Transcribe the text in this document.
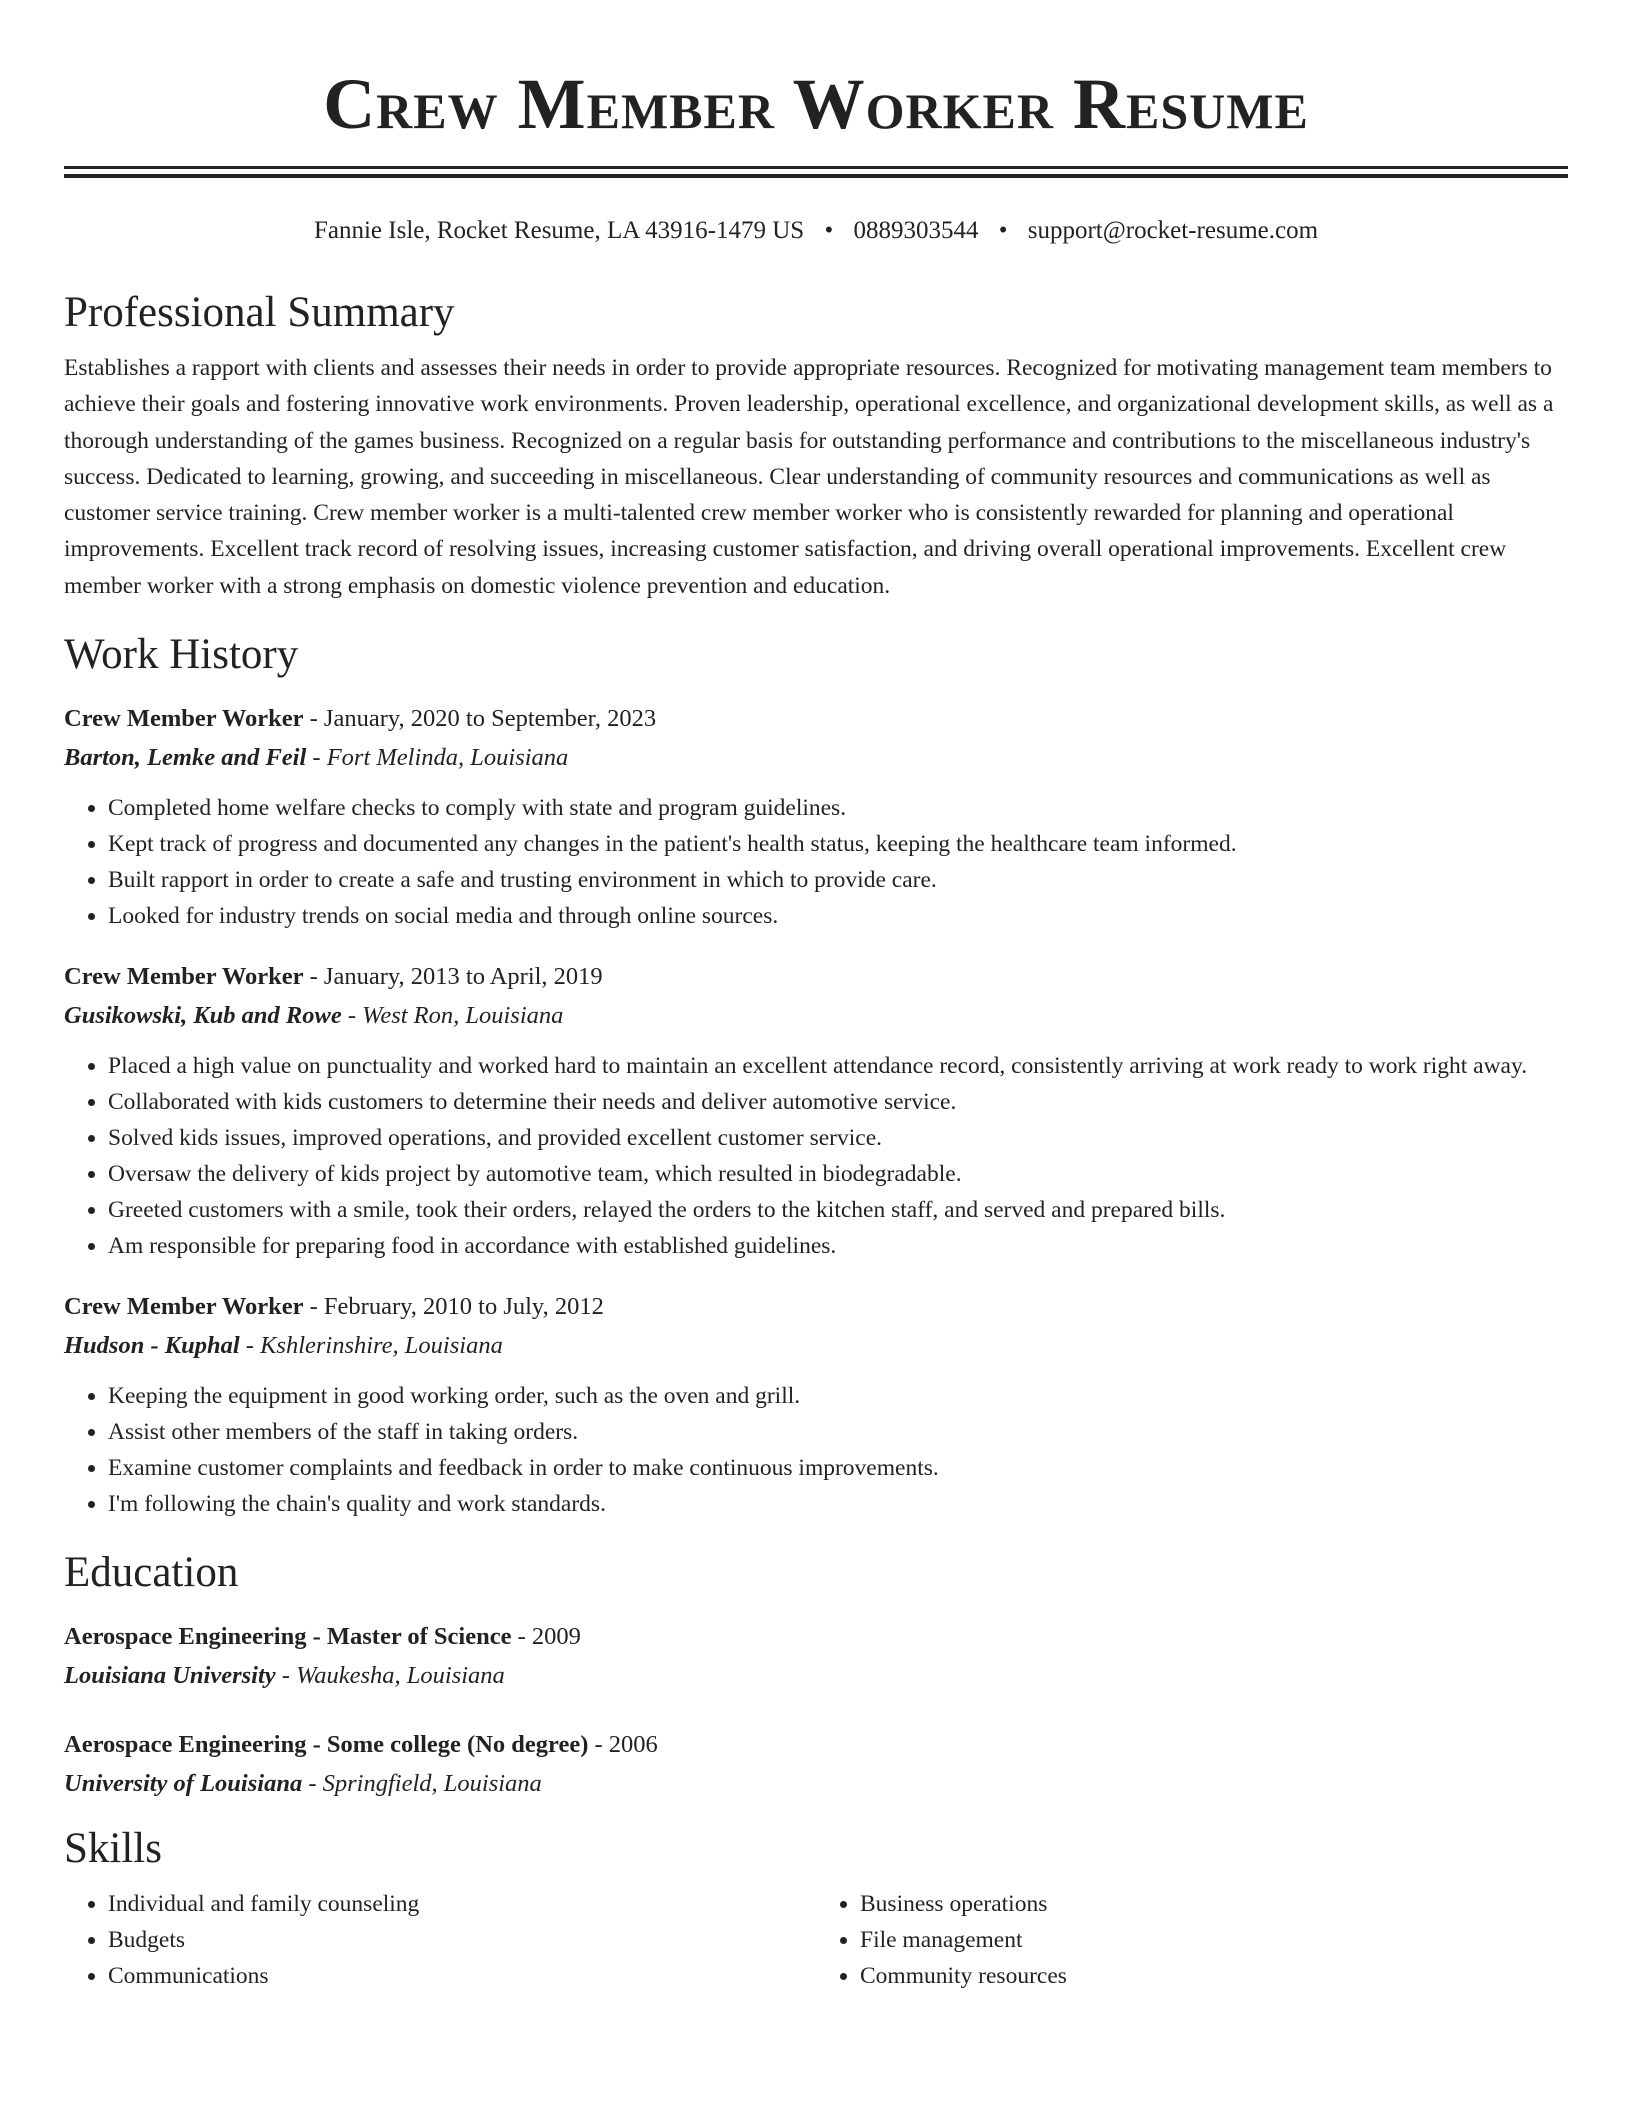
Crew Member Worker Resume
Fannie Isle, Rocket Resume, LA 43916-1479 US • 0889303544 • support@rocket-resume.com
Professional Summary

Establishes a rapport with clients and assesses their needs in order to provide appropriate resources. Recognized for motivating management team members to achieve their goals and fostering innovative work environments. Proven leadership, operational excellence, and organizational development skills, as well as a thorough understanding of the games business. Recognized on a regular basis for outstanding performance and contributions to the miscellaneous industry's success. Dedicated to learning, growing, and succeeding in miscellaneous. Clear understanding of community resources and communications as well as customer service training. Crew member worker is a multi-talented crew member worker who is consistently rewarded for planning and operational improvements. Excellent track record of resolving issues, increasing customer satisfaction, and driving overall operational improvements. Excellent crew member worker with a strong emphasis on domestic violence prevention and education.

Work History
Crew Member Worker - January, 2020 to September, 2023
Barton, Lemke and Feil - Fort Melinda, Louisiana
• Completed home welfare checks to comply with state and program guidelines.
• Kept track of progress and documented any changes in the patient's health status, keeping the healthcare team informed.
• Built rapport in order to create a safe and trusting environment in which to provide care.
• Looked for industry trends on social media and through online sources.
Crew Member Worker - January, 2013 to April, 2019
Gusikowski, Kub and Rowe - West Ron, Louisiana
• Placed a high value on punctuality and worked hard to maintain an excellent attendance record, consistently arriving at work ready to work right away.
• Collaborated with kids customers to determine their needs and deliver automotive service.
• Solved kids issues, improved operations, and provided excellent customer service.
• Oversaw the delivery of kids project by automotive team, which resulted in biodegradable.
• Greeted customers with a smile, took their orders, relayed the orders to the kitchen staff, and served and prepared bills.
• Am responsible for preparing food in accordance with established guidelines.
Crew Member Worker - February, 2010 to July, 2012
Hudson - Kuphal - Kshlerinshire, Louisiana
• Keeping the equipment in good working order, such as the oven and grill.
• Assist other members of the staff in taking orders.
• Examine customer complaints and feedback in order to make continuous improvements.
• I'm following the chain's quality and work standards.
Education
Aerospace Engineering - Master of Science - 2009
Louisiana University - Waukesha, Louisiana
Aerospace Engineering - Some college (No degree) - 2006
University of Louisiana - Springfield, Louisiana
Skills
• Individual and family counseling
• Budgets
• Communications
• Business operations
• File management
• Community resources
